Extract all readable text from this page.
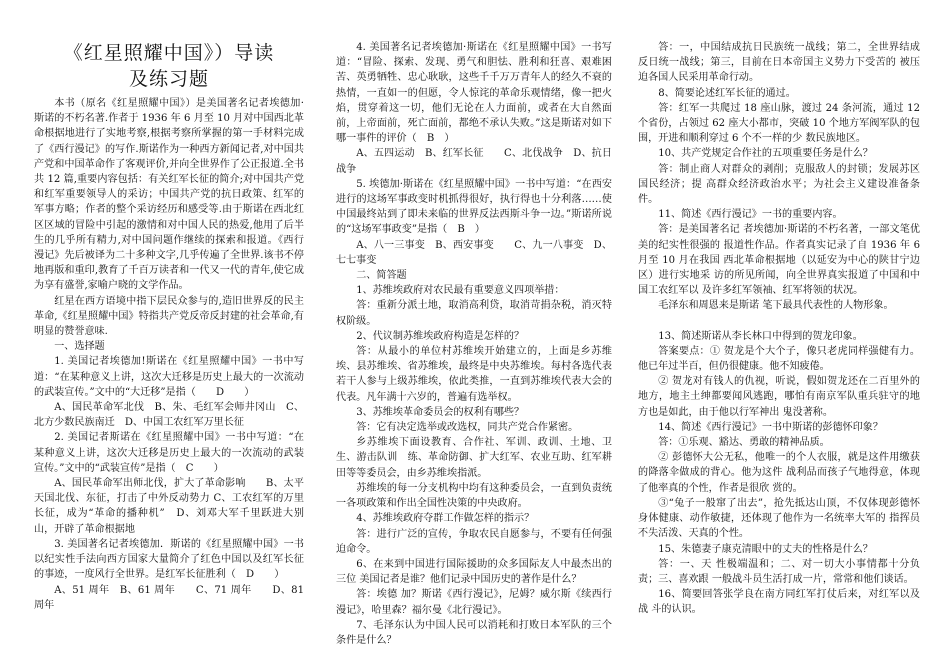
《红星照耀中国》）导读
及练习题

本书（原名《红星照耀中国》）是美国著名记者埃德加·斯诺的不朽名著.作者于 1936 年 6 月至 10 月对中国西北革命根据地进行了实地考察,根据考察所掌握的第一手材料完成了《西行漫记》的写作.斯诺作为一种西方新闻记者,对中国共产党和中国革命作了客观评价,并向全世界作了公正报道.全书共 12 篇,重要内容包括：有关红军长征的简介;对中国共产党和红军重要领导人的采访；中国共产党的抗日政策、红军的军事方略；作者的整个采访经历和感受等.由于斯诺在西北红区区域的冒险中引起的激情和对中国人民的热爱,他用了后半生的几乎所有精力,对中国问题作继续的探索和报道。《西行漫记》先后被译为二十多种文字,几乎传遍了全世界.该书不停地再版和重印,教育了千百万读者和一代又一代的青年,使它成为享有盛誉,家喻户晓的文学作品。

红星在西方语境中指下层民众参与的,造旧世界反的民主革命,《红星照耀中国》特指共产党反帝反封建的社会革命,有明显的赞誉意味.

一、选择题

1. 美国记者埃德加!斯诺在《红星照耀中国》一书中写道：“在某种意义上讲，这次大迁移是历史上最大的一次流动的武装宣传。”文中的“大迁移”是指（　　D　　）

A、国民革命军北伐　B、朱、毛红军会师井冈山　C、北方少数民族南迁　D、中国工农红军万里长征

2. 美国记者斯诺在《红星照耀中国》一书中写道：“在某种意义上讲，这次大迁移是历史上最大的一次流动的武装宣传。”文中的“武装宣传”是指（　C　　）

A、国民革命军出师北伐，扩大了革命影响　　B、太平天国北伐、东征，打击了中外反动势力 C、工农红军的万里长征，成为“革命的播种机”　D、刘邓大军千里跃进大别山，开辟了革命根据地

3. 美国著名记者埃德加．斯诺的《红星照耀中国》一书以纪实性手法向西方国家大量简介了红色中国以及红军长征的事迹，一度风行全世界。是红军长征胜利（　D　　）

A、51 周年　B、61 周年　　C、71 周年　　D、81 周年

4. 美国著名记者埃德加·斯诺在《红星照耀中国》一书写道：“冒险、探索、发现、勇气和胆怯、胜利和狂喜、艰难困苦、英勇牺牲、忠心耿耿，这些千千万万青年人的经久不衰的热情，一直如一的但愿，令人惊诧的革命乐观情绪，像一把火焰，贯穿着这一切，他们无论在人力面前，或者在大自然面前，上帝面前，死亡面前，都绝不承认失败。”这是斯诺对如下哪一事件的评价（　B　）

A、五四运动　B、红军长征　　C、北伐战争　D、抗日战争

5. 埃德加·斯诺在《红星照耀中国》一书中写道：“在西安进行的这场军事政变时机抓得很好，执行得也十分利落……使中国最终站到了即未来临的世界反法西斯斗争一边。”斯诺所说的“这场军事政变”是指（　B　）

A、八一三事变　B、西安事变　　C、九一八事变　D、七七事变

二、简答题

1、苏维埃政府对农民最有重要意义四项举措：

答：重新分派土地，取消高利贷，取消苛捐杂税，消灭特权阶级。

2、代议制苏维埃政府构造是怎样的？

答：从最小的单位村苏维埃开始建立的，上面是乡苏维埃、县苏维埃、省苏维埃，最终是中央苏维埃。每村各选代表若干人参与上级苏维埃，依此类推，一直到苏维埃代表大会的代表。凡年满十六岁的，普遍有选举权。

3、苏维埃革命委员会的权利有哪些？

答：它有决定选举或改选权，同共产党合作紧密。

乡苏维埃下面设教育、合作社、军训、政训、土地、卫生、游击队训　练、革命防御、扩大红军、农业互助、红军耕田等等委员会，由乡苏维埃指派。

苏维埃的每一分支机构中均有这种委员会，一直到负责统一各项政策和作出全国性决策的中央政府。

4、苏维埃政府夺群工作做怎样的指示？

答：进行广泛的宣传，争取农民自愿参与，不要有任何强迫命令。

6、在来到中国进行国际援助的众多国际友人中最杰出的三位 美国记者是谁？他们记录中国历史的著作是什么？

答：埃德 加？斯诺《西行漫记》，尼姆？威尔斯《续西行漫记》，哈里森？福尔曼《北行漫记》。

7、毛泽东认为中国人民可以消耗和打败日本军队的三个条件是什么？

答：一，中国结成抗日民族统一战线；第二，全世界结成反日统一战线；第三，目前在日本帝国主义势力下受苦的 被压迫各国人民采用革命行动。

8、简要论述红军长征的通过。

答：红军一共爬过 18 座山脉，渡过 24 条河流，通过 12 个省份，占领过 62 座大小都市，突破 10 个地方军阀军队的包围，开进和顺利穿过 6 个不一样的少 数民族地区。

10、共产党规定合作社的五项重要任务是什么？

答：制止商人对群众的剥削；克服敌人的封锁；发展苏区国民经济；提 高群众经济政治水平；为社会主义建设准备条件。

11、简述《西行漫记》一书的重要内容。

答：是美国著名记 者埃德加·斯诺的不朽名著，一部文笔优美的纪实性很强的 报道性作品。作者真实记录了自 1936 年 6 月至 10 月在我国 西北革命根据地（以延安为中心的陕甘宁边区）进行实地采 访的所见所闻，向全世界真实报道了中国和中国工农红军以 及许多红军领袖、红军将领的状况。

毛泽东和周恩来是斯诺 笔下最具代表性的人物形象。

13、简述斯诺从李长林口中得到的贺龙印象。

答案要点：① 贺龙是个大个子，像只老虎同样强健有力。他已年过半百，但仍很健康。他不知疲倦。

② 贺龙对有钱人的仇视，听说，假如贺龙还在二百里外的地方，地主土绅都要闻风逃跑，哪怕有南京军队重兵驻守的地方也是如此，由于他以行军神出 鬼没著称。

14、简述《西行漫记》一书中斯诺的彭德怀印象？

答：①乐观、豁达、勇敢的精神品质。

② 彭德怀大公无私，他唯一的个人衣服，就是这件用缴获的降落伞做成的背心。他为这件 战利品而孩子气地得意，体现了他率真的个性，作者是很欣 赏的。

③“兔子一般窜了出去”，抢先抵达山顶，不仅体现彭德怀身体健康、动作敏捷，还体现了他作为一名统率大军的 指挥员不失活泼、天真的个性。

15、朱德妻子康克清眼中的丈夫的性格是什么？

答：一、天 性极端温和；二、对一切大小事情都十分负责；三、喜欢跟 一般战斗员生活打成一片，常常和他们谈话。

16、简要回答张学良在南方同红军打仗后来，对红军以及战 斗的认识。
